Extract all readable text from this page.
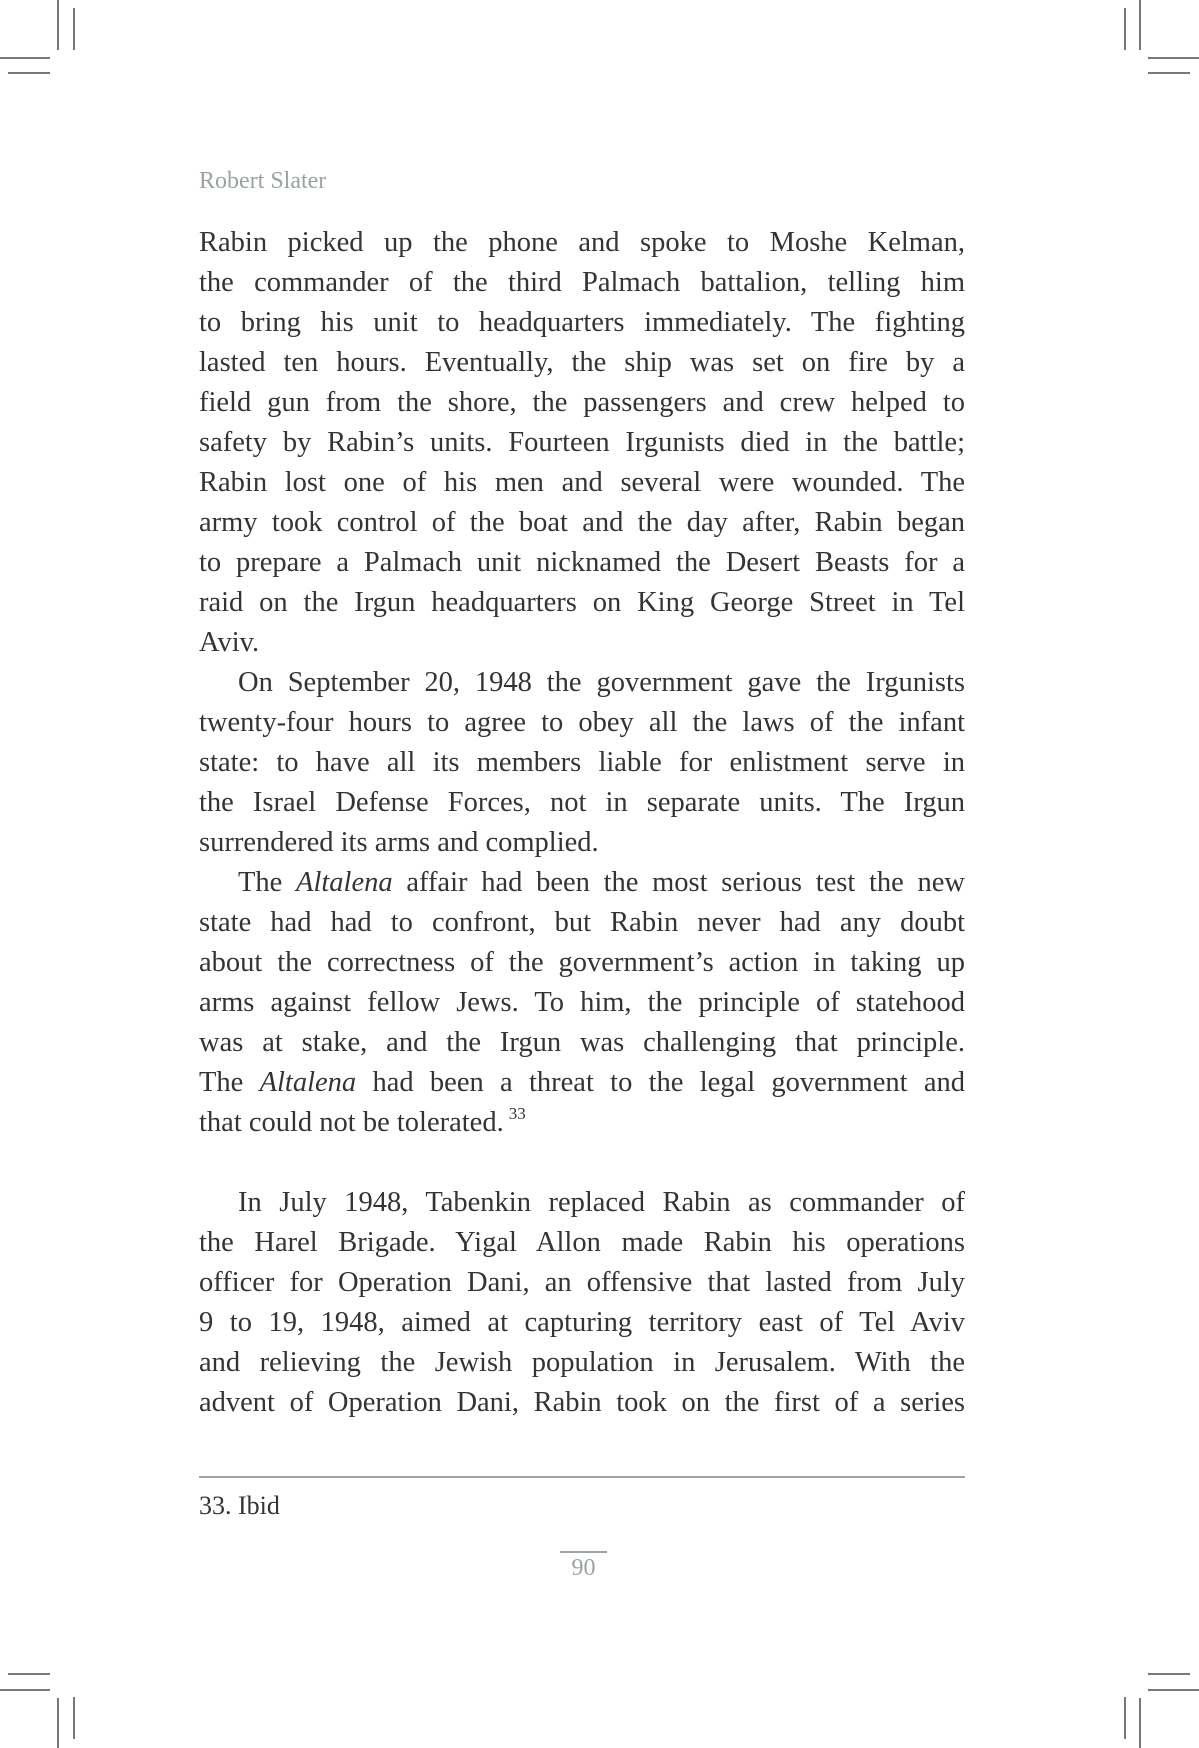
Robert Slater
Rabin picked up the phone and spoke to Moshe Kelman,
the commander of the third Palmach battalion, telling him
to bring his unit to headquarters immediately. The fighting
lasted ten hours. Eventually, the ship was set on fire by a
field gun from the shore, the passengers and crew helped to
safety by Rabin’s units. Fourteen Irgunists died in the battle;
Rabin lost one of his men and several were wounded. The
army took control of the boat and the day after, Rabin began
to prepare a Palmach unit nicknamed the Desert Beasts for a
raid on the Irgun headquarters on King George Street in Tel
Aviv.
On September 20, 1948 the government gave the Irgunists
twenty-four hours to agree to obey all the laws of the infant
state: to have all its members liable for enlistment serve in
the Israel Defense Forces, not in separate units. The Irgun
surrendered its arms and complied.
The Altalena affair had been the most serious test the new
state had had to confront, but Rabin never had any doubt
about the correctness of the government’s action in taking up
arms against fellow Jews. To him, the principle of statehood
was at stake, and the Irgun was challenging that principle.
The Altalena had been a threat to the legal government and
that could not be tolerated. $^{33}$
In July 1948, Tabenkin replaced Rabin as commander of
the Harel Brigade. Yigal Allon made Rabin his operations
officer for Operation Dani, an offensive that lasted from July
9 to 19, 1948, aimed at capturing territory east of Tel Aviv
and relieving the Jewish population in Jerusalem. With the
advent of Operation Dani, Rabin took on the first of a series
33. Ibid
90
